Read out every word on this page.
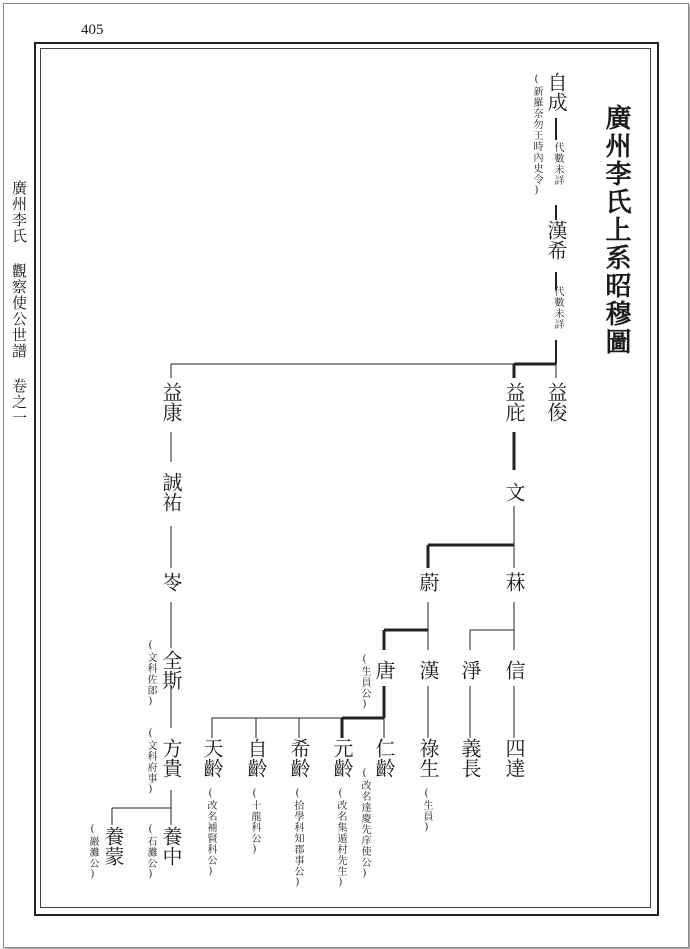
405
廣州李氏 觀察使公世譜 卷之一	廣州李氏上系昭穆圖
自成
(新羅奈勿王時內史令) 代數未詳
漢希
代數未詳
益俊
益庇
益康
文
誠祐
岺
全斯
(文科佐郎)
方貴
(文科府事)
養中
(石灘公)
養蒙
(巖灘公)
蔚	菻
唐
(生員公) 漢 淨 信
仁齡
(改名達慶先庠使公)
元齡
(改名集遁村先生)
希齡
(拾學科知郡事公)
自齡
(十龍科公)
天齡
(改名補賢科公)
祿生
(生員)
義長 四達
